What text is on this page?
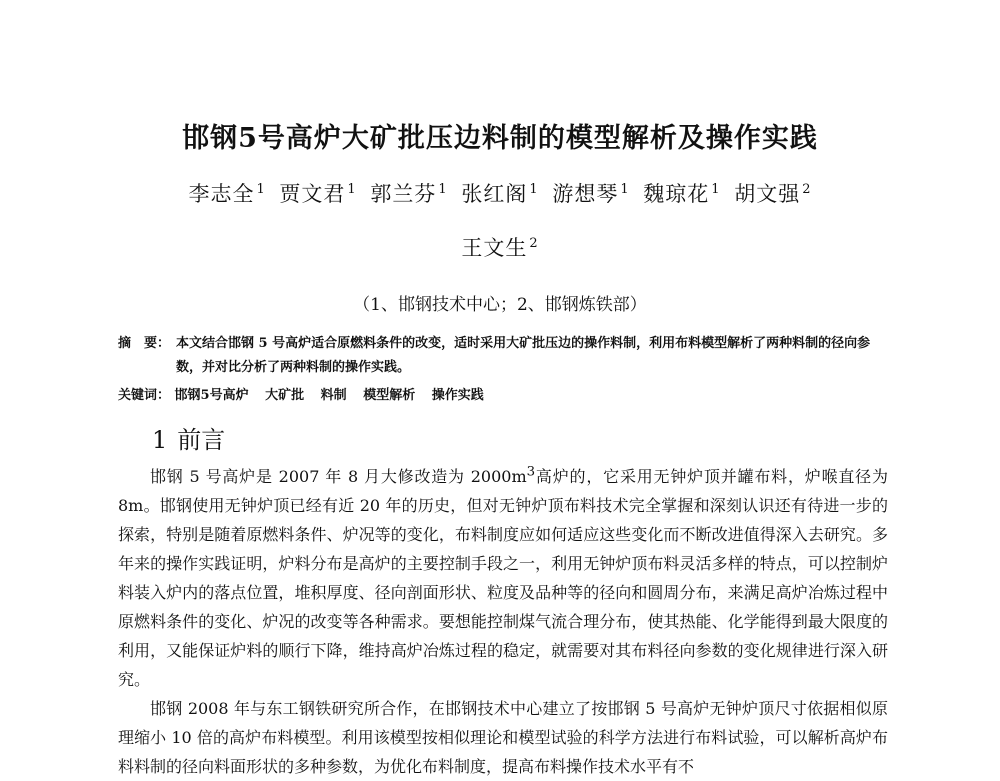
邯钢5号高炉大矿批压边料制的模型解析及操作实践
李志全 $^1$ 贾文君 $^1$ 郭兰芬 $^1$ 张红阁 $^1$ 游想琴 $^1$ 魏琼花 $^1$ 胡文强 $^2$
王文生 $^2$
（1、邯钢技术中心；2、邯钢炼铁部）
摘　要： 本文结合邯钢 5 号高炉适合原燃料条件的改变，适时采用大矿批压边的操作料制，利用布料模型解析了两种料制的径向参数，并对比分析了两种料制的操作实践。
关键词： 邯钢5号高炉 大矿批 料制 模型解析 操作实践
1 前言

邯钢 5 号高炉是 2007 年 8 月大修改造为 $2000m^3$高炉的，它采用无钟炉顶并罐布料，炉喉直径为 8m。邯钢使用无钟炉顶已经有近 20 年的历史，但对无钟炉顶布料技术完全掌握和深刻认识还有待进一步的探索，特别是随着原燃料条件、炉况等的变化，布料制度应如何适应这些变化而不断改进值得深入去研究。多年来的操作实践证明，炉料分布是高炉的主要控制手段之一，利用无钟炉顶布料灵活多样的特点，可以控制炉料装入炉内的落点位置，堆积厚度、径向剖面形状、粒度及品种等的径向和圆周分布，来满足高炉冶炼过程中原燃料条件的变化、炉况的改变等各种需求。要想能控制煤气流合理分布，使其热能、化学能得到最大限度的利用，又能保证炉料的顺行下降，维持高炉冶炼过程的稳定，就需要对其布料径向参数的变化规律进行深入研究。

邯钢 2008 年与东工钢铁研究所合作，在邯钢技术中心建立了按邯钢 5 号高炉无钟炉顶尺寸依据相似原理缩小 10 倍的高炉布料模型。利用该模型按相似理论和模型试验的科学方法进行布料试验，可以解析高炉布料料制的径向料面形状的多种参数，为优化布料制度，提高布料操作技术水平有不
